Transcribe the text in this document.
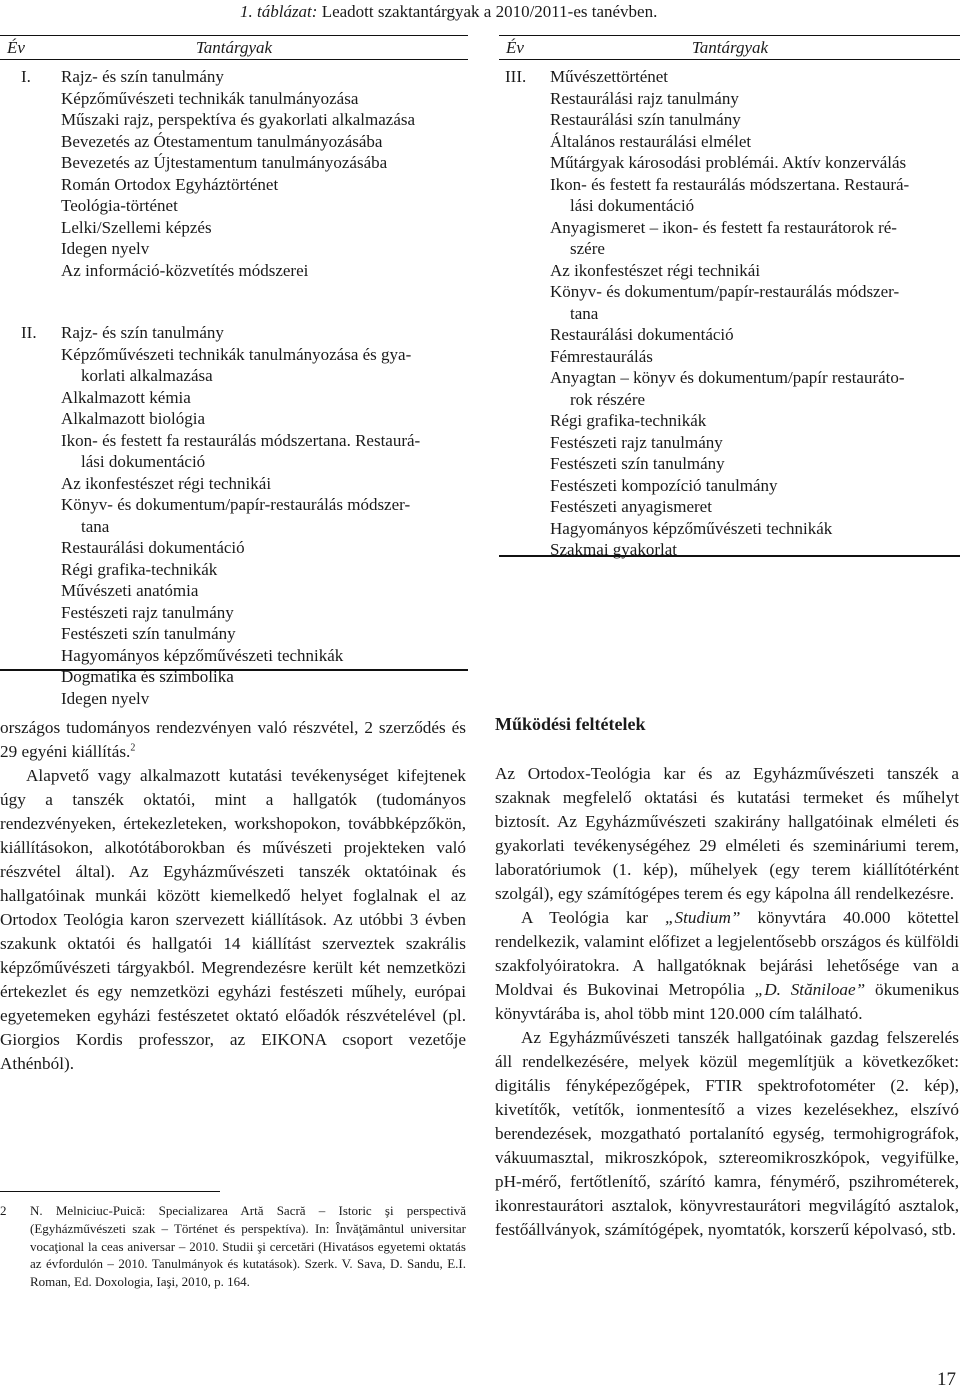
1. táblázat: Leadott szaktantárgyak a 2010/2011-es tanévben.
Év	Tantárgyak
I. Rajz- és szín tanulmány
Képzőművészeti technikák tanulmányozása
Műszaki rajz, perspektíva és gyakorlati alkalmazása
Bevezetés az Ótestamentum tanulmányozásába
Bevezetés az Újtestamentum tanulmányozásába
Román Ortodox Egyháztörténet
Teológia-történet
Lelki/Szellemi képzés
Idegen nyelv
Az információ-közvetítés módszerei
II. Rajz- és szín tanulmány
Képzőművészeti technikák tanulmányozása és gya-
korlati alkalmazása
Alkalmazott kémia
Alkalmazott biológia
Ikon- és festett fa restaurálás módszertana. Restaurá-
lási dokumentáció
Az ikonfestészet régi technikái
Könyv- és dokumentum/papír-restaurálás módszer-
tana
Restaurálási dokumentáció
Régi grafika-technikák
Művészeti anatómia
Festészeti rajz tanulmány
Festészeti szín tanulmány
Hagyományos képzőművészeti technikák
Dogmatika és szimbolika
Idegen nyelv
Év	Tantárgyak
III. Művészettörténet
Restaurálási rajz tanulmány
Restaurálási szín tanulmány
Általános restaurálási elmélet
Műtárgyak károsodási problémái. Aktív konzerválás
Ikon- és festett fa restaurálás módszertana. Restaurá-
lási dokumentáció
Anyagismeret – ikon- és festett fa restaurátorok ré-
szére
Az ikonfestészet régi technikái
Könyv- és dokumentum/papír-restaurálás módszer-
tana
Restaurálási dokumentáció
Fémrestaurálás
Anyagtan – könyv és dokumentum/papír restauráto-
rok részére
Régi grafika-technikák
Festészeti rajz tanulmány
Festészeti szín tanulmány
Festészeti kompozíció tanulmány
Festészeti anyagismeret
Hagyományos képzőművészeti technikák
Szakmai gyakorlat

országos tudományos rendezvényen való részvétel, 2 szerződés és 29 egyéni kiállítás.$^2$

Alapvető vagy alkalmazott kutatási tevékenységet kifejtenek úgy a tanszék oktatói, mint a hallgatók (tudományos rendezvényeken, értekezleteken, workshopokon, továbbképzőkön, kiállításokon, alkotótáborokban és művészeti projekteken való részvétel által). Az Egyházművészeti tanszék oktatóinak és hallgatóinak munkái között kiemelkedő helyet foglalnak el az Ortodox Teológia karon szervezett kiállítások. Az utóbbi 3 évben szakunk oktatói és hallgatói 14 kiállítást szerveztek szakrális képzőművészeti tárgyakból. Megrendezésre került két nemzetközi értekezlet és egy nemzetközi egyházi festészeti műhely, európai egyetemeken egyházi festészetet oktató előadók részvételével (pl. Giorgios Kordis professzor, az EIKONA csoport vezetője Athénból).

2 N. Melniciuc-Puică: Specializarea Artă Sacră – Istoric şi perspectivă (Egyházművészeti szak – Történet és perspektíva). In: Învăţământul universitar vocaţional la ceas aniversar – 2010. Studii şi cercetări (Hivatásos egyetemi oktatás az évfordulón – 2010. Tanulmányok és kutatások). Szerk. V. Sava, D. Sandu, E.I. Roman, Ed. Doxologia, Iaşi, 2010, p. 164.
Működési feltételek

Az Ortodox-Teológia kar és az Egyházművészeti tanszék a szaknak megfelelő oktatási és kutatási termeket és műhelyt biztosít. Az Egyházművészeti szakirány hallgatóinak elméleti és gyakorlati tevékenységéhez 29 elméleti és szemináriumi terem, laboratóriumok (1. kép), műhelyek (egy terem kiállítótérként szolgál), egy számítógépes terem és egy kápolna áll rendelkezésre.

A Teológia kar „Studium” könyvtára 40.000 kötettel rendelkezik, valamint előfizet a legjelentősebb országos és külföldi szakfolyóiratokra. A hallgatóknak bejárási lehetősége van a Moldvai és Bukovinai Metropólia „D. Stăniloae” ökumenikus könyvtárába is, ahol több mint 120.000 cím található.

Az Egyházművészeti tanszék hallgatóinak gazdag felszerelés áll rendelkezésére, melyek közül megemlítjük a következőket: digitális fényképezőgépek, FTIR spektrofotométer (2. kép), kivetítők, vetítők, ionmentesítő a vizes kezelésekhez, elszívó berendezések, mozgatható portalanító egység, termohigrográfok, vákuumasztal, mikroszkópok, sztereomikroszkópok, vegyifülke, pH-mérő, fertőtlenítő, szárító kamra, fénymérő, pszihrométerek, ikonrestaurátori asztalok, könyvrestaurátori megvilágító asztalok, festőállványok, számítógépek, nyomtatók, korszerű képolvasó, stb.

17
